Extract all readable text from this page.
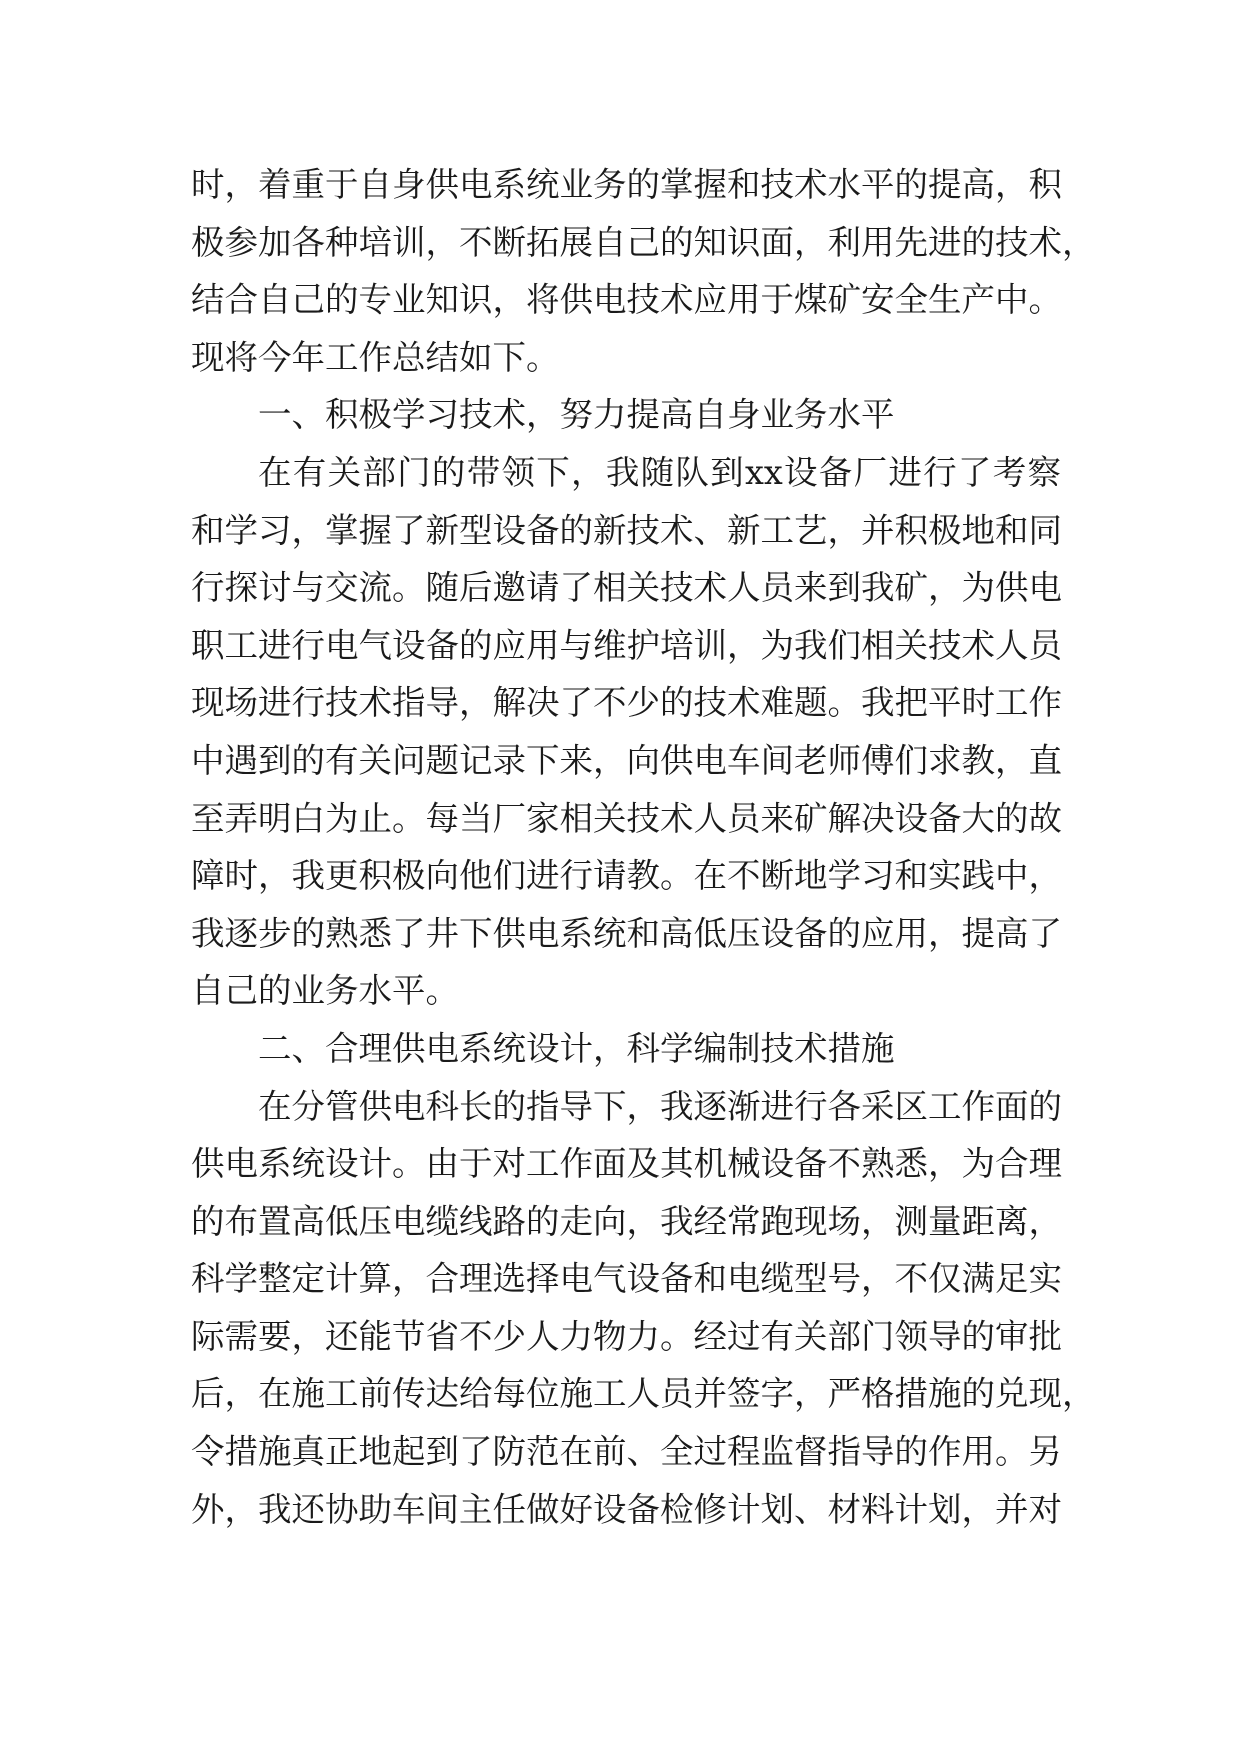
时，着重于自身供电系统业务的掌握和技术水平的提高，积
极参加各种培训，不断拓展自己的知识面，利用先进的技术，
结合自己的专业知识，将供电技术应用于煤矿安全生产中。
现将今年工作总结如下。
一、积极学习技术，努力提高自身业务水平
在有关部门的带领下，我随队到xx设备厂进行了考察
和学习，掌握了新型设备的新技术、新工艺，并积极地和同
行探讨与交流。随后邀请了相关技术人员来到我矿，为供电
职工进行电气设备的应用与维护培训，为我们相关技术人员
现场进行技术指导，解决了不少的技术难题。我把平时工作
中遇到的有关问题记录下来，向供电车间老师傅们求教，直
至弄明白为止。每当厂家相关技术人员来矿解决设备大的故
障时，我更积极向他们进行请教。在不断地学习和实践中，
我逐步的熟悉了井下供电系统和高低压设备的应用，提高了
自己的业务水平。
二、合理供电系统设计，科学编制技术措施
在分管供电科长的指导下，我逐渐进行各采区工作面的
供电系统设计。由于对工作面及其机械设备不熟悉，为合理
的布置高低压电缆线路的走向，我经常跑现场，测量距离，
科学整定计算，合理选择电气设备和电缆型号，不仅满足实
际需要，还能节省不少人力物力。经过有关部门领导的审批
后，在施工前传达给每位施工人员并签字，严格措施的兑现，
令措施真正地起到了防范在前、全过程监督指导的作用。另
外，我还协助车间主任做好设备检修计划、材料计划，并对
